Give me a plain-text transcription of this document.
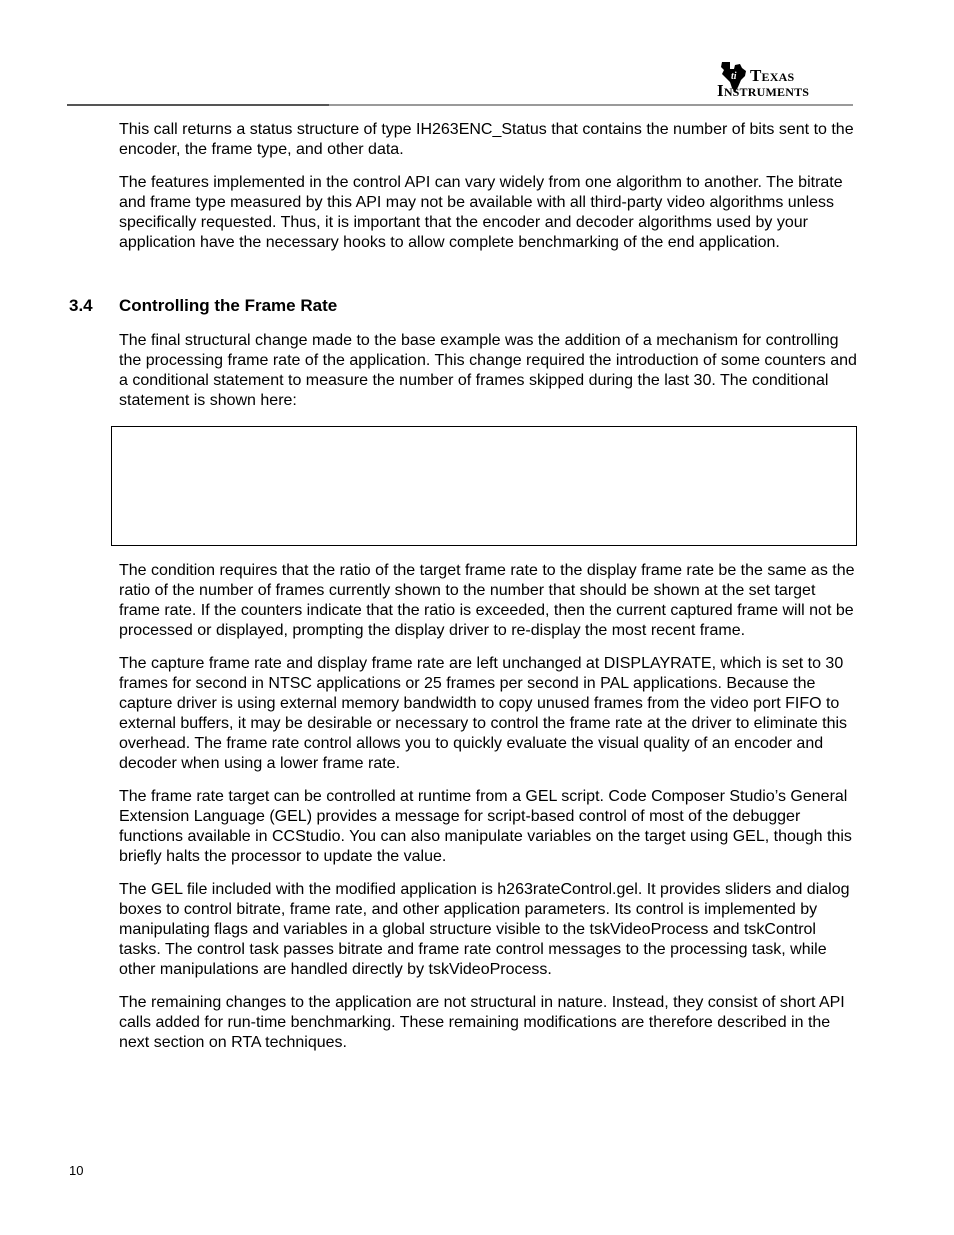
ti Texas
Instruments

This call returns a status structure of type IH263ENC_Status that contains the number of bits sent to the encoder, the frame type, and other data.

The features implemented in the control API can vary widely from one algorithm to another. The bitrate and frame type measured by this API may not be available with all third-party video algorithms unless specifically requested. Thus, it is important that the encoder and decoder algorithms used by your application have the necessary hooks to allow complete benchmarking of the end application.

3.4 Controlling the Frame Rate

The final structural change made to the base example was the addition of a mechanism for controlling the processing frame rate of the application. This change required the introduction of some counters and a conditional statement to measure the number of frames skipped during the last 30. The conditional statement is shown here:

The condition requires that the ratio of the target frame rate to the display frame rate be the same as the ratio of the number of frames currently shown to the number that should be shown at the set target frame rate. If the counters indicate that the ratio is exceeded, then the current captured frame will not be processed or displayed, prompting the display driver to re-display the most recent frame.

The capture frame rate and display frame rate are left unchanged at DISPLAYRATE, which is set to 30 frames for second in NTSC applications or 25 frames per second in PAL applications. Because the capture driver is using external memory bandwidth to copy unused frames from the video port FIFO to external buffers, it may be desirable or necessary to control the frame rate at the driver to eliminate this overhead. The frame rate control allows you to quickly evaluate the visual quality of an encoder and decoder when using a lower frame rate.

The frame rate target can be controlled at runtime from a GEL script. Code Composer Studio’s General Extension Language (GEL) provides a message for script-based control of most of the debugger functions available in CCStudio. You can also manipulate variables on the target using GEL, though this briefly halts the processor to update the value.

The GEL file included with the modified application is h263rateControl.gel. It provides sliders and dialog boxes to control bitrate, frame rate, and other application parameters. Its control is implemented by manipulating flags and variables in a global structure visible to the tskVideoProcess and tskControl tasks. The control task passes bitrate and frame rate control messages to the processing task, while other manipulations are handled directly by tskVideoProcess.

The remaining changes to the application are not structural in nature. Instead, they consist of short API calls added for run-time benchmarking. These remaining modifications are therefore described in the next section on RTA techniques.

10
